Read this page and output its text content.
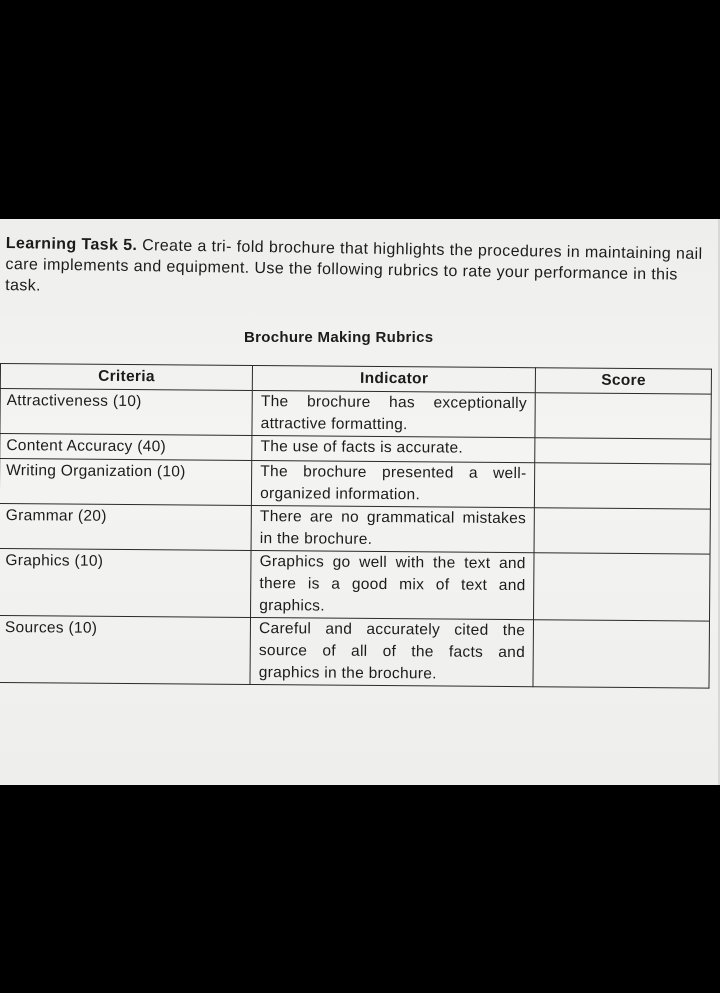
Learning Task 5. Create a tri- fold brochure that highlights the procedures in maintaining nail care implements and equipment. Use the following rubrics to rate your performance in this task.

Brochure Making Rubrics
Criteria	Indicator	Score
Attractiveness (10)	The brochure has exceptionally attractive formatting.	
Content Accuracy (40)	The use of facts is accurate.	
Writing Organization (10)	The brochure presented a well-organized information.	
Grammar (20)	There are no grammatical mistakes in the brochure.	
Graphics (10)	Graphics go well with the text and there is a good mix of text and graphics.	
Sources (10)	Careful and accurately cited the source of all of the facts and graphics in the brochure.	
